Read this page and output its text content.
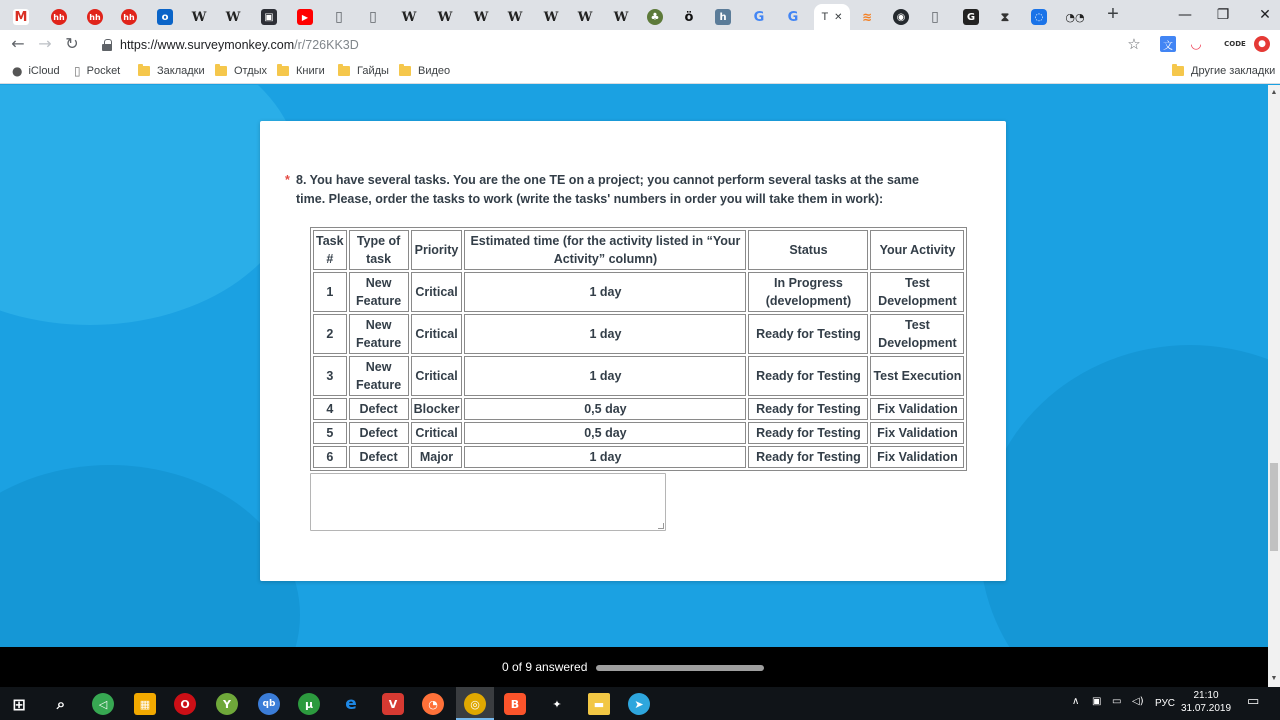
M	hh	hh	hh	o	W W	▣	▶	▯ ▯	W W W W W W W	♣ ö	h	G G T ✕ ≋	◉ ▯	G	⧗	◌	◔◔ +	—	❐	✕
← → ↻	https://www.surveymonkey.com/r/726KK3D	☆	文 ◡	CODE	●
● iCloud ▯ Pocket	Закладки	Отдых	Книги	Гайды	Видео	Другие закладки
* 8. You have several tasks. You are the one TE on a project; you cannot perform several tasks at the same time. Please, order the tasks to work (write the tasks' numbers in order you will take them in work):
Task #	Type of task	Priority	Estimated time (for the activity listed in “Your Activity” column)	Status	Your Activity
1	New Feature	Critical	1 day	In Progress (development)	Test Development
2	New Feature	Critical	1 day	Ready for Testing	Test Development
3	New Feature	Critical	1 day	Ready for Testing	Test Execution
4	Defect	Blocker	0,5 day	Ready for Testing	Fix Validation
5	Defect	Critical	0,5 day	Ready for Testing	Fix Validation
6	Defect	Major	1 day	Ready for Testing	Fix Validation
▲
▼
0 of 9 answered
⊞	⌕	◁	▦	O	Y	qb	μ	e	V	◔	◎	B	✦	▬	➤	∧ ▣ ▭ ◁) РУС
21:10
31.07.2019 ▭
